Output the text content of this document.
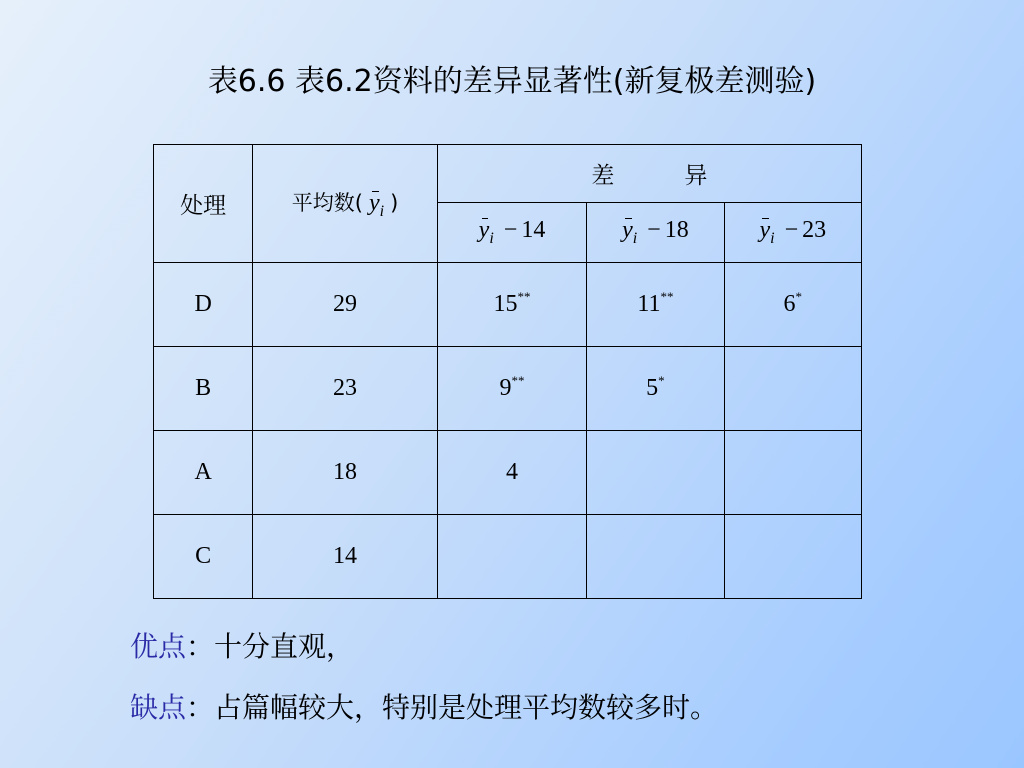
表6.6 表6.2资料的差异显著性(新复极差测验)
处理	平均数( $y_i$ )	差异		
		$y_i - 14$	$y_i - 18$	$y_i - 23$
D	29	15**	11**	6*
B	23	9**	5*	
A	18	4		
C	14			
优点：十分直观，
缺点：占篇幅较大，特别是处理平均数较多时。
